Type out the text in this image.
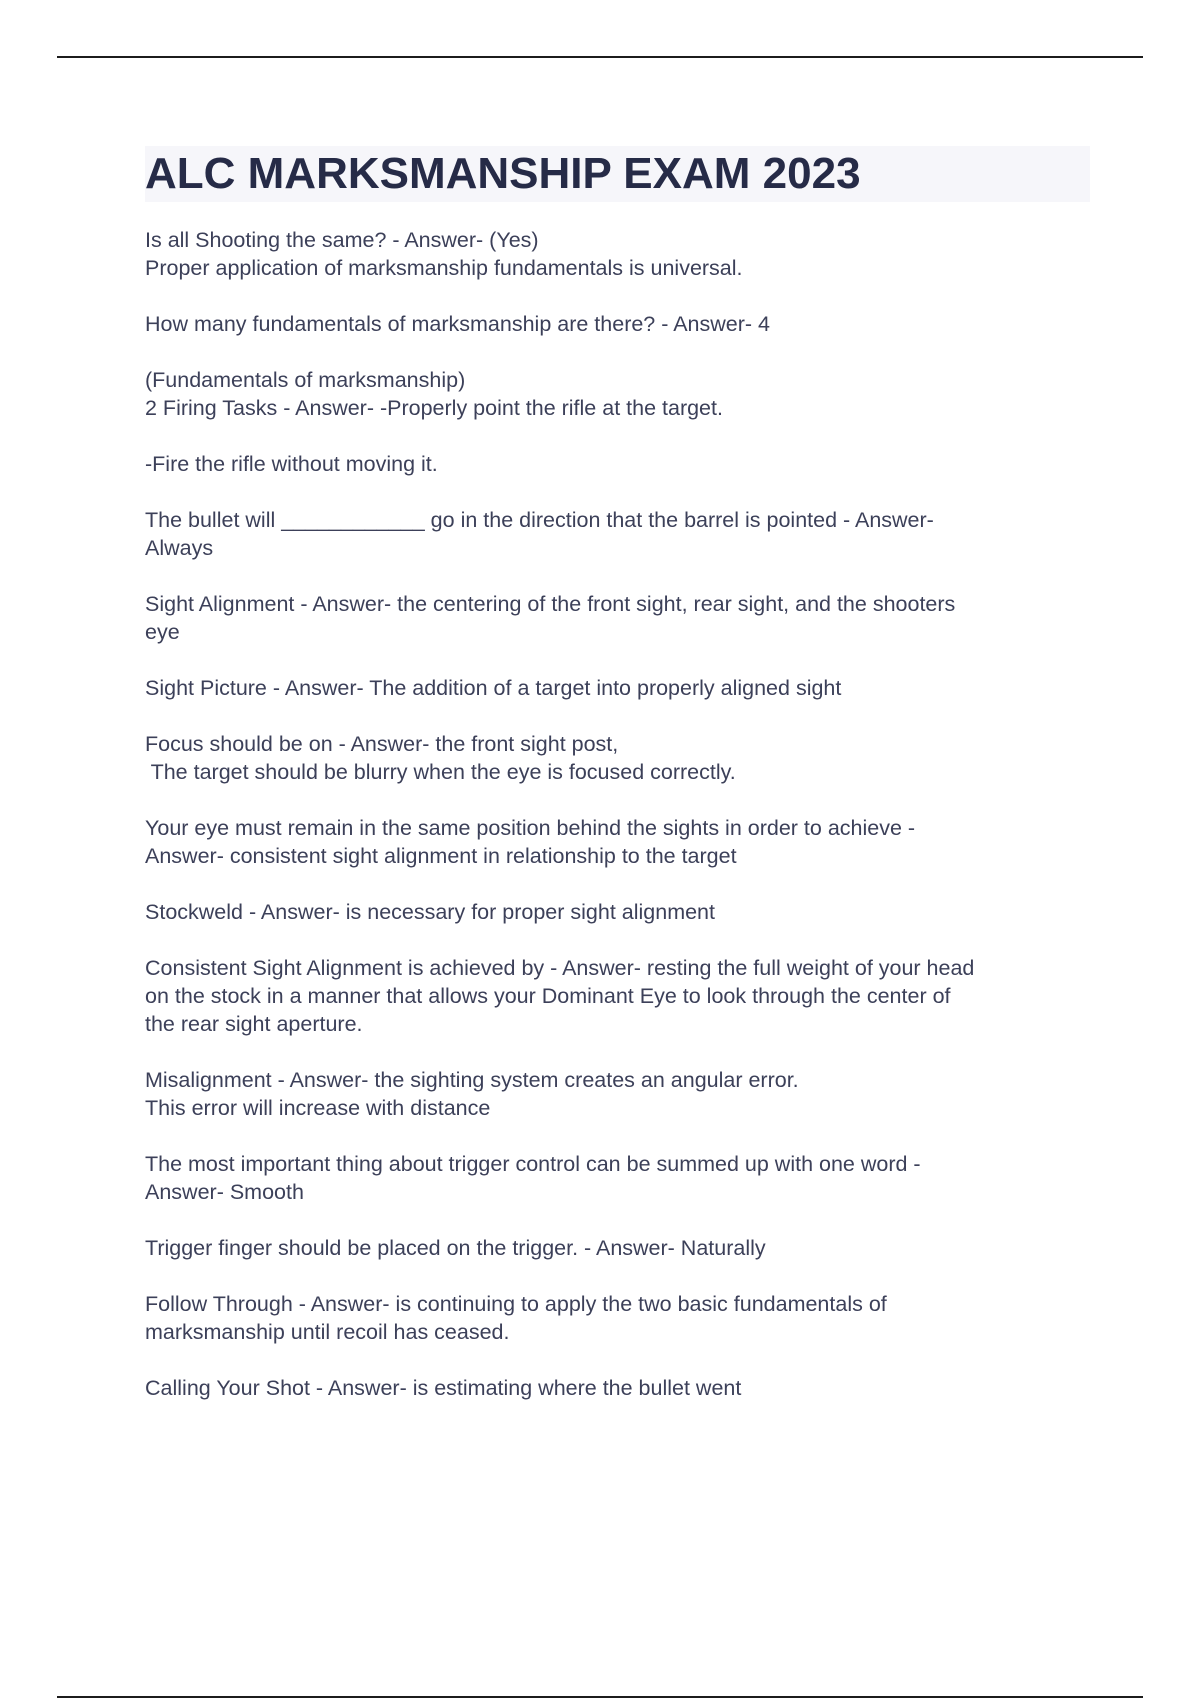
ALC MARKSMANSHIP EXAM 2023
Is all Shooting the same? - Answer- (Yes)
Proper application of marksmanship fundamentals is universal.
How many fundamentals of marksmanship are there? - Answer- 4
(Fundamentals of marksmanship)
2 Firing Tasks - Answer- -Properly point the rifle at the target.
-Fire the rifle without moving it.
The bullet will ____________ go in the direction that the barrel is pointed - Answer-
Always
Sight Alignment - Answer- the centering of the front sight, rear sight, and the shooters
eye
Sight Picture - Answer- The addition of a target into properly aligned sight
Focus should be on - Answer- the front sight post,
The target should be blurry when the eye is focused correctly.
Your eye must remain in the same position behind the sights in order to achieve -
Answer- consistent sight alignment in relationship to the target
Stockweld - Answer- is necessary for proper sight alignment
Consistent Sight Alignment is achieved by - Answer- resting the full weight of your head
on the stock in a manner that allows your Dominant Eye to look through the center of
the rear sight aperture.
Misalignment - Answer- the sighting system creates an angular error.
This error will increase with distance
The most important thing about trigger control can be summed up with one word -
Answer- Smooth
Trigger finger should be placed on the trigger. - Answer- Naturally
Follow Through - Answer- is continuing to apply the two basic fundamentals of
marksmanship until recoil has ceased.
Calling Your Shot - Answer- is estimating where the bullet went
